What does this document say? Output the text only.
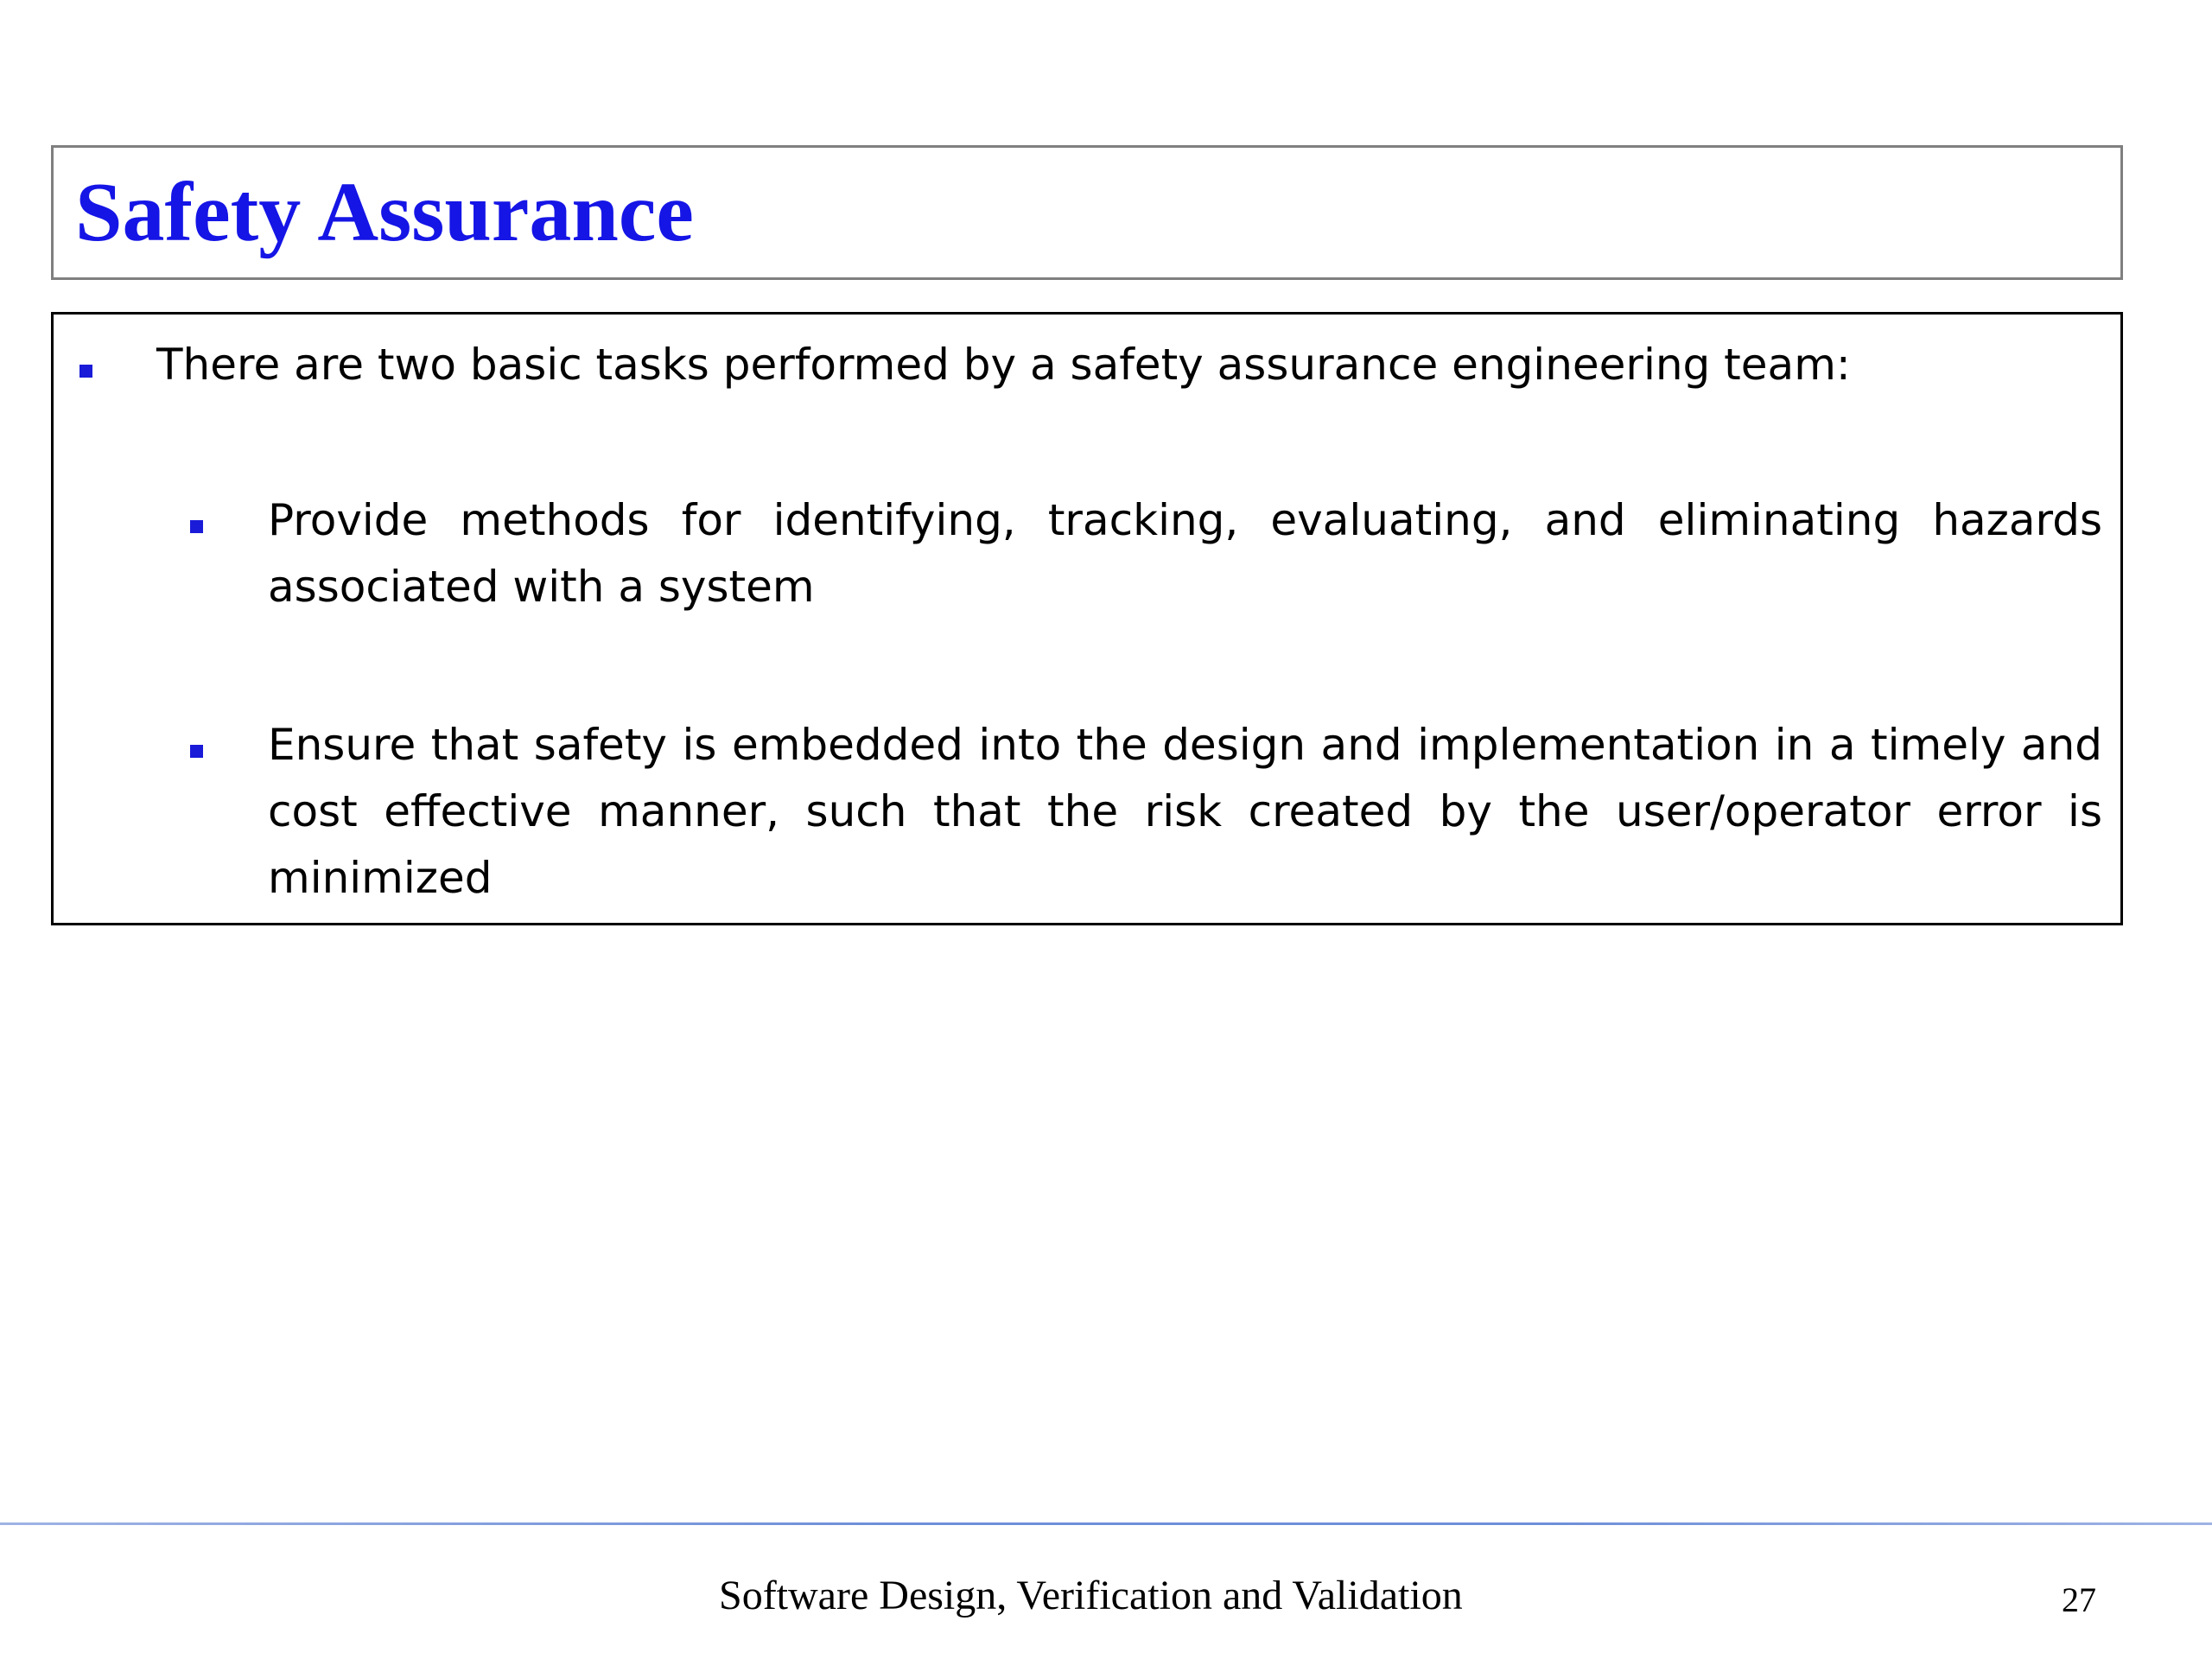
Safety Assurance
There are two basic tasks performed by a safety assurance engineering team:
Provide methods for identifying, tracking, evaluating, and eliminating hazards associated with a system
Ensure that safety is embedded into the design and implementation in a timely and cost effective manner, such that the risk created by the user/operator error is minimized
Software Design, Verification and Validation	27
